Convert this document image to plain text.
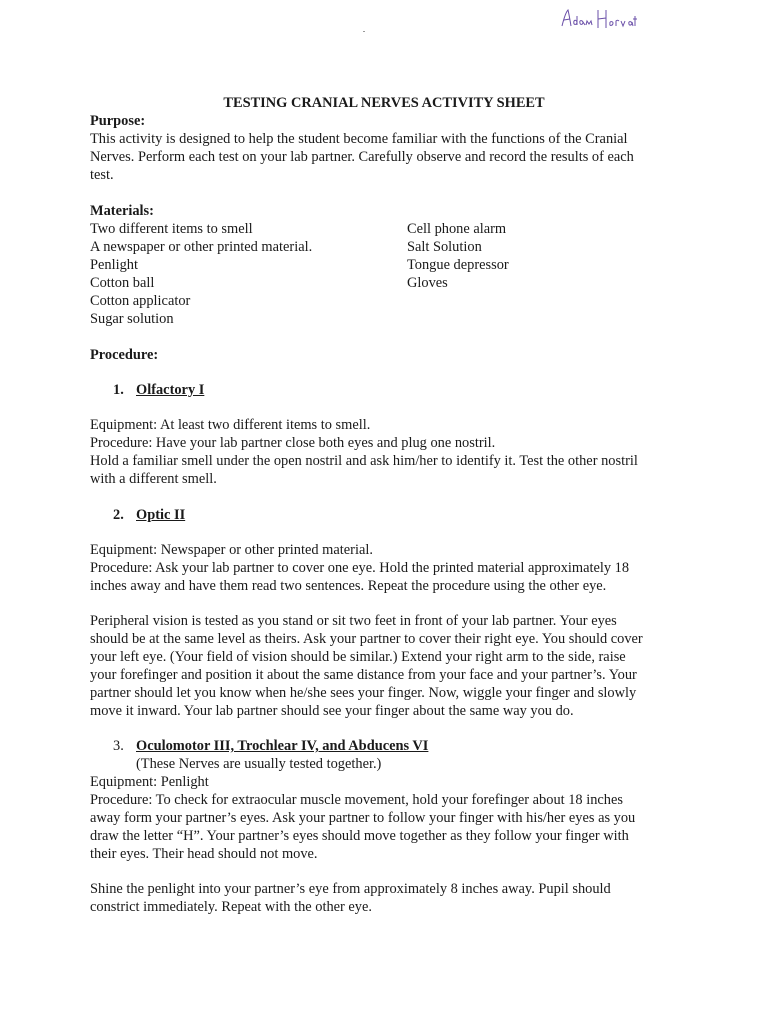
TESTING CRANIAL NERVES ACTIVITY SHEET
Purpose:
This activity is designed to help the student become familiar with the functions of the Cranial
Nerves. Perform each test on your lab partner. Carefully observe and record the results of each
test.
Materials:
Two different items to smell
A newspaper or other printed material.
Penlight
Cotton ball
Cotton applicator
Sugar solution
Cell phone alarm
Salt Solution
Tongue depressor
Gloves
Procedure:
1. Olfactory I
Equipment: At least two different items to smell.
Procedure: Have your lab partner close both eyes and plug one nostril.
Hold a familiar smell under the open nostril and ask him/her to identify it. Test the other nostril
with a different smell.
2. Optic II
Equipment: Newspaper or other printed material.
Procedure: Ask your lab partner to cover one eye. Hold the printed material approximately 18
inches away and have them read two sentences. Repeat the procedure using the other eye.
Peripheral vision is tested as you stand or sit two feet in front of your lab partner. Your eyes
should be at the same level as theirs. Ask your partner to cover their right eye. You should cover
your left eye. (Your field of vision should be similar.) Extend your right arm to the side, raise
your forefinger and position it about the same distance from your face and your partner’s. Your
partner should let you know when he/she sees your finger. Now, wiggle your finger and slowly
move it inward. Your lab partner should see your finger about the same way you do.
3. Oculomotor III, Trochlear IV, and Abducens VI
(These Nerves are usually tested together.)
Equipment: Penlight
Procedure: To check for extraocular muscle movement, hold your forefinger about 18 inches
away form your partner’s eyes. Ask your partner to follow your finger with his/her eyes as you
draw the letter “H”. Your partner’s eyes should move together as they follow your finger with
their eyes. Their head should not move.
Shine the penlight into your partner’s eye from approximately 8 inches away. Pupil should
constrict immediately. Repeat with the other eye.
